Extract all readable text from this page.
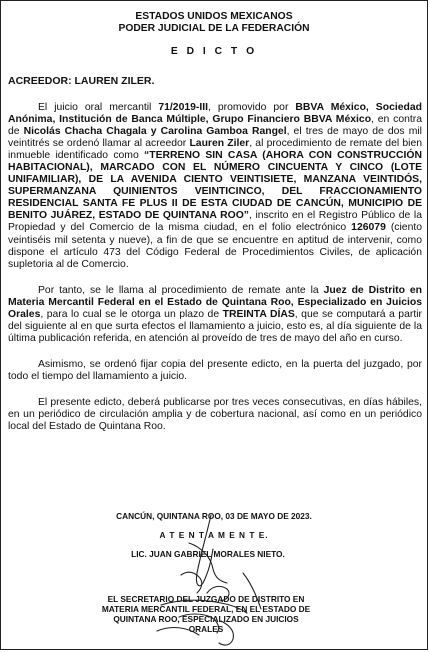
ESTADOS UNIDOS MEXICANOS
PODER JUDICIAL DE LA FEDERACIÓN
E D I C T O
ACREEDOR: LAUREN ZILER.

El juicio oral mercantil 71/2019-III, promovido por BBVA México, Sociedad Anónima, Institución de Banca Múltiple, Grupo Financiero BBVA México, en contra de Nicolás Chacha Chagala y Carolina Gamboa Rangel, el tres de mayo de dos mil veintitrés se ordenó llamar al acreedor Lauren Ziler, al procedimiento de remate del bien inmueble identificado como “TERRENO SIN CASA (AHORA CON CONSTRUCCIÓN HABITACIONAL), MARCADO CON EL NÚMERO CINCUENTA Y CINCO (LOTE UNIFAMILIAR), DE LA AVENIDA CIENTO VEINTISIETE, MANZANA VEINTIDÓS, SUPERMANZANA QUINIENTOS VEINTICINCO, DEL FRACCIONAMIENTO RESIDENCIAL SANTA FE PLUS II DE ESTA CIUDAD DE CANCÚN, MUNICIPIO DE BENITO JUÁREZ, ESTADO DE QUINTANA ROO”, inscrito en el Registro Público de la Propiedad y del Comercio de la misma ciudad, en el folio electrónico 126079 (ciento veintiséis mil setenta y nueve), a fin de que se encuentre en aptitud de intervenir, como dispone el artículo 473 del Código Federal de Procedimientos Civiles, de aplicación supletoria al de Comercio.

Por tanto, se le llama al procedimiento de remate ante la Juez de Distrito en Materia Mercantil Federal en el Estado de Quintana Roo, Especializado en Juicios Orales, para lo cual se le otorga un plazo de TREINTA DÍAS, que se computará a partir del siguiente al en que surta efectos el llamamiento a juicio, esto es, al día siguiente de la última publicación referida, en atención al proveído de tres de mayo del año en curso.

Asimismo, se ordenó fijar copia del presente edicto, en la puerta del juzgado, por todo el tiempo del llamamiento a juicio.

El presente edicto, deberá publicarse por tres veces consecutivas, en días hábiles, en un periódico de circulación amplia y de cobertura nacional, así como en un periódico local del Estado de Quintana Roo.

CANCÚN, QUINTANA ROO, 03 DE MAYO DE 2023.
A T E N T A M E N T E.
LIC. JUAN GABRIEL MORALES NIETO.
EL SECRETARIO DEL JUZGADO DE DISTRITO EN
MATERIA MERCANTIL FEDERAL, EN EL ESTADO DE
QUINTANA ROO, ESPECIALIZADO EN JUICIOS
ORALES
